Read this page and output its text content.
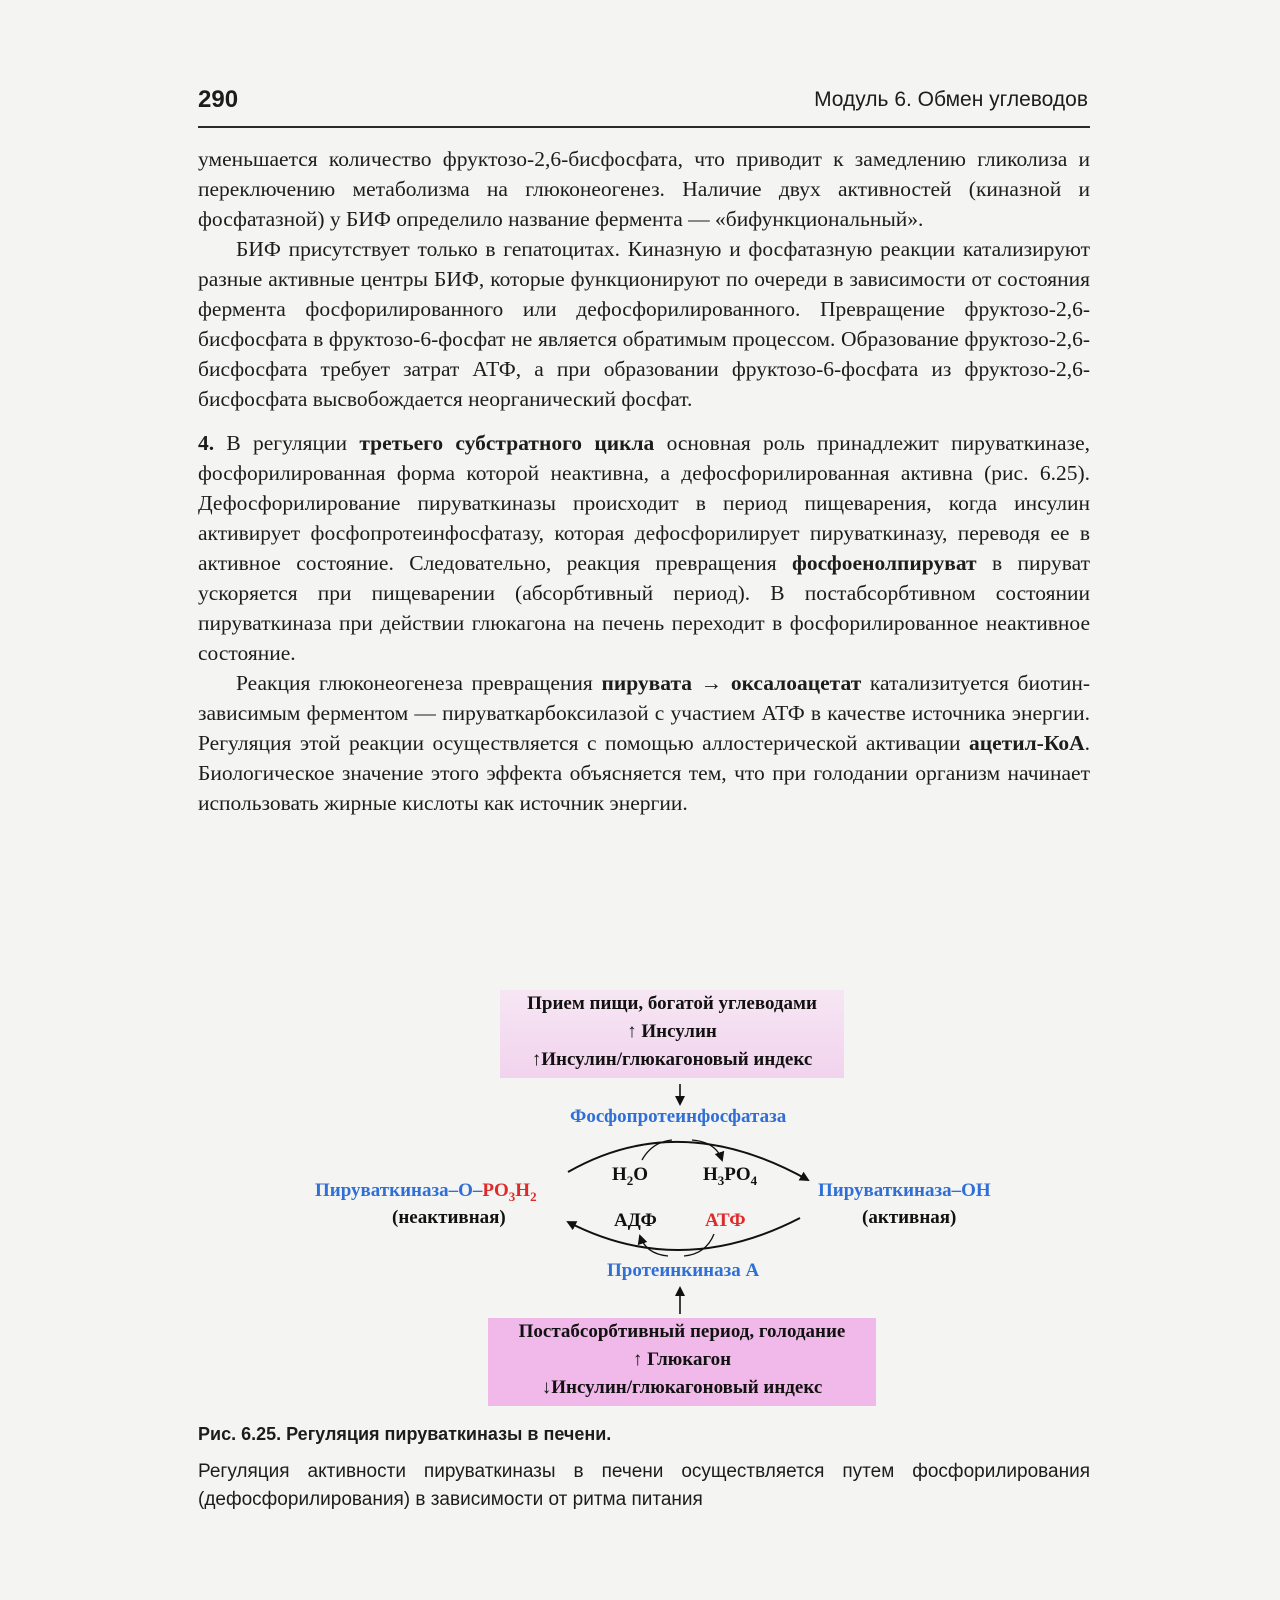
290	Модуль 6. Обмен углеводов

уменьшается количество фруктозо-2,6-бисфосфата, что приводит к замедлению гликолиза и переключению метаболизма на глюконеогенез. Наличие двух активностей (киназной и фосфатазной) у БИФ определило название фермента — «бифункциональный».

БИФ присутствует только в гепатоцитах. Киназную и фосфатазную реакции катализируют разные активные центры БИФ, которые функционируют по очереди в зависимости от состояния фермента фосфорилированного или дефосфорилированного. Превращение фруктозо-2,6-бисфосфата в фруктозо-6-фосфат не является обратимым процессом. Образование фруктозо-2,6-бисфосфата требует затрат АТФ, а при образовании фруктозо-6-фосфата из фруктозо-2,6-бисфосфата высвобождается неорганический фосфат.

4. В регуляции третьего субстратного цикла основная роль принадлежит пируваткиназе, фосфорилированная форма которой неактивна, а дефосфорилированная активна (рис. 6.25). Дефосфорилирование пируваткиназы происходит в период пищеварения, когда инсулин активирует фосфопротеинфосфатазу, которая дефосфорилирует пируваткиназу, переводя ее в активное состояние. Следовательно, реакция превращения фосфоенолпируват в пируват ускоряется при пищеварении (абсорбтивный период). В постабсорбтивном состоянии пируваткиназа при действии глюкагона на печень переходит в фосфорилированное неактивное состояние.

Реакция глюконеогенеза превращения пирувата → оксалоацетат катализитуется биотин-зависимым ферментом — пируваткарбоксилазой с участием АТФ в качестве источника энергии. Регуляция этой реакции осуществляется с помощью аллостерической активации ацетил-КоА. Биологическое значение этого эффекта объясняется тем, что при голодании организм начинает использовать жирные кислоты как источник энергии.

Прием пищи, богатой углеводами
↑ Инсулин
↑Инсулин/глюкагоновый индекс
Фосфопротеинфосфатаза
Пируваткиназа–$О-PO_3H_2$
(неактивная)
Пируваткиназа–ОН
(активная)
$H_2O$	$H_3PO_4$
АДФ	АТФ
Протеинкиназа А
Постабсорбтивный период, голодание
↑ Глюкагон
↓Инсулин/глюкагоновый индекс
Рис. 6.25. Регуляция пируваткиназы в печени.
Регуляция активности пируваткиназы в печени осуществляется путем фосфорилирования (дефосфорилирования) в зависимости от ритма питания
